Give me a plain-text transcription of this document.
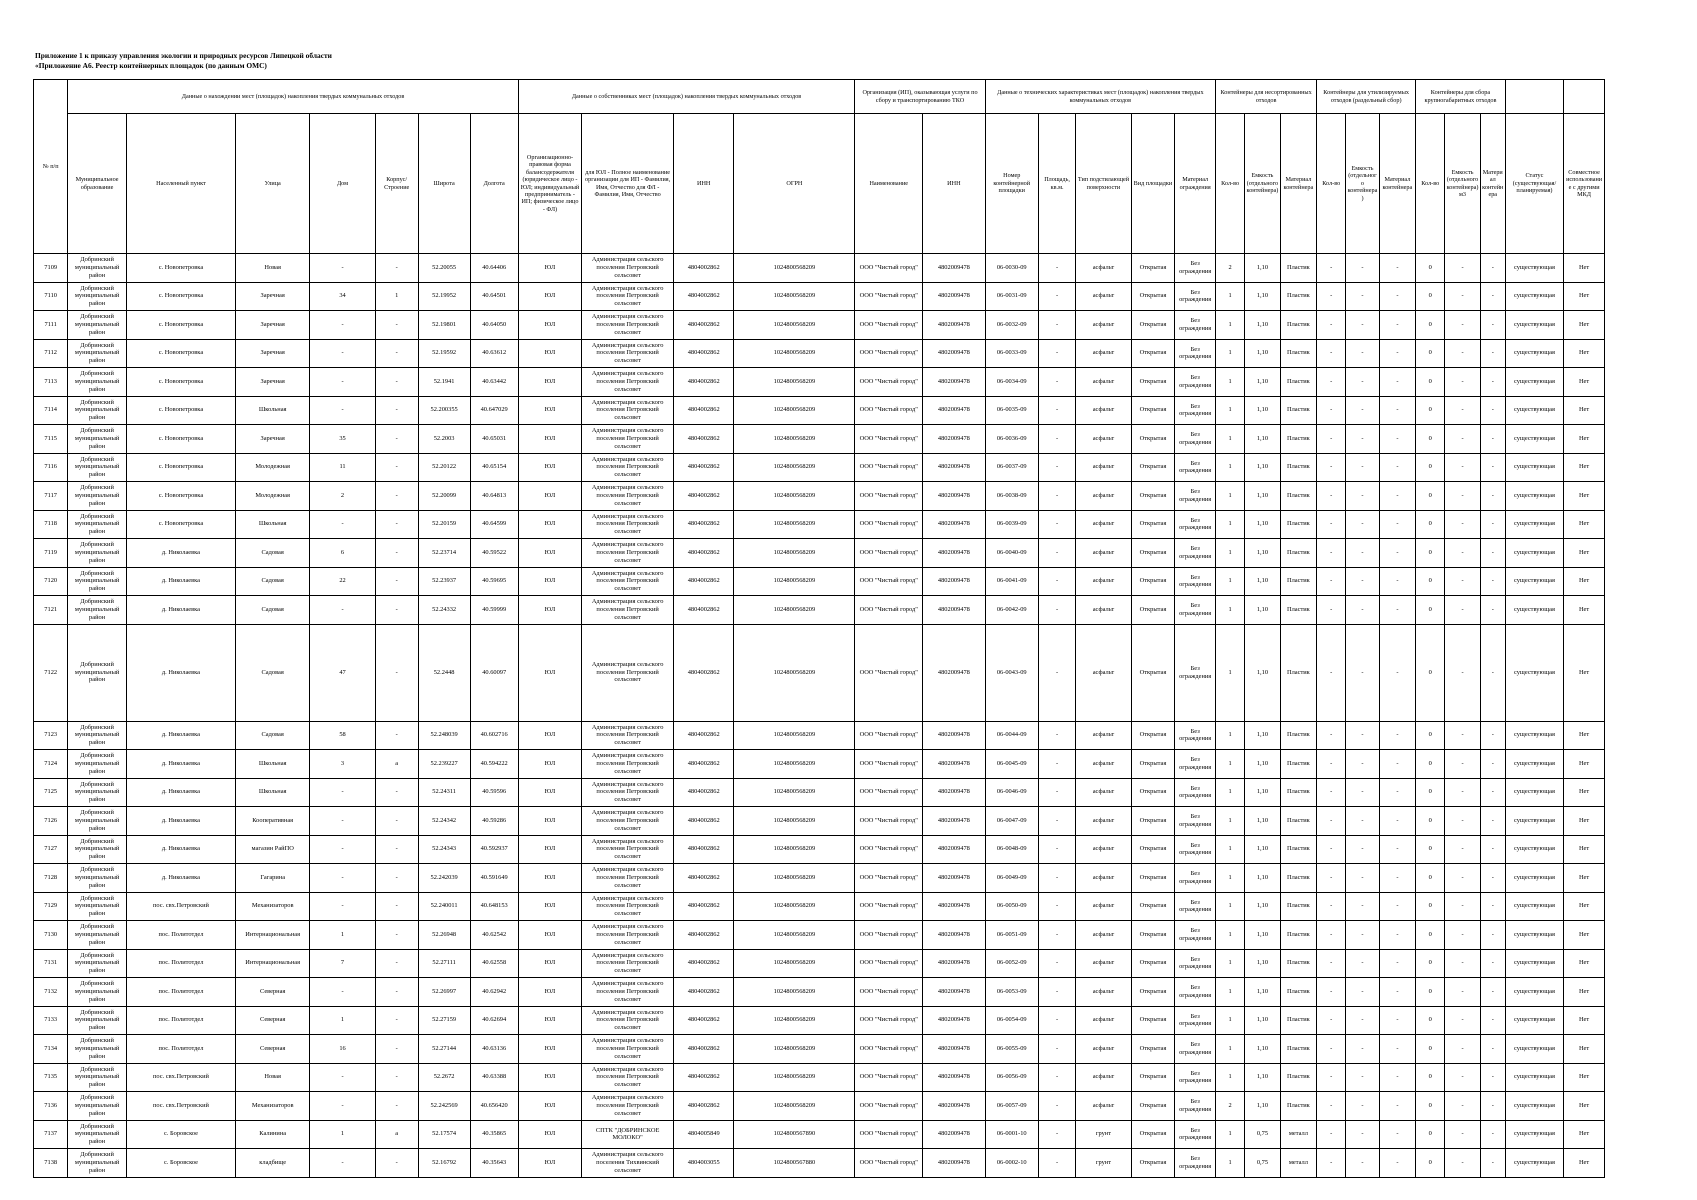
Приложение 1 к приказу управления экологии и природных ресурсов Липецкой области
«Приложение А6. Реестр контейнерных площадок (по данным ОМС)
№ п/п	Данные о нахождении мест (площадок) накопления твердых коммунальных отходов							Данные о собственниках мест (площадок) накопления твердых коммунальных отходов				Организация (ИП), оказывающая услуги по сбору и транспортированию ТКО		Данные о технических характеристиках мест (площадок) накопления твердых коммунальных отходов					Контейнеры для несортированных отходов			Контейнеры для утилизируемых отходов (раздельный сбор)			Контейнеры для сбора крупногабаритных отходов				
	Муниципальное образование	Населенный пункт	Улица	Дом	Корпус/Строение	Широта	Долгота	Организационно-правовая форма балансодержателя (юридическое лицо - ЮЛ; индивидуальный предприниматель - ИП; физическое лицо - ФЛ)	для ЮЛ - Полное наименование организации для ИП - Фамилия, Имя, Отчество для ФЛ - Фамилия, Имя, Отчество	ИНН	ОГРН	Наименование	ИНН	Номер контейнерной площадки	Площадь, кв.м.	Тип подстилающей поверхности	Вид площадки	Материал ограждения	Кол-во	Емкость (отдельного контейнера)	Материал контейнера	Кол-во	Емкость (отдельного контейнера)	Материал контейнера	Кол-во	Емкость (отдельного контейнера) м3	Материал контейнера	Статус (существующая/ планируемая)	Совместное использование с другими МКД
7109	Добринский муниципальный район	с. Новопетровка	Новая	-	-	52.20055	40.64406	ЮЛ	Администрация сельского поселения Петровский сельсовет	4804002862	1024800568209	ООО "Чистый город"	4802009478	06-0030-09	-	асфальт	Открытая	Без ограждения	2	1,10	Пластик	-	-	-	0	-	-	существующая	Нет
7110	Добринский муниципальный район	с. Новопетровка	Заречная	34	1	52.19952	40.64501	ЮЛ	Администрация сельского поселения Петровский сельсовет	4804002862	1024800568209	ООО "Чистый город"	4802009478	06-0031-09	-	асфальт	Открытая	Без ограждения	1	1,10	Пластик	-	-	-	0	-	-	существующая	Нет
7111	Добринский муниципальный район	с. Новопетровка	Заречная	-	-	52.19801	40.64050	ЮЛ	Администрация сельского поселения Петровский сельсовет	4804002862	1024800568209	ООО "Чистый город"	4802009478	06-0032-09	-	асфальт	Открытая	Без ограждения	1	1,10	Пластик	-	-	-	0	-	-	существующая	Нет
7112	Добринский муниципальный район	с. Новопетровка	Заречная	-	-	52.19592	40.63612	ЮЛ	Администрация сельского поселения Петровский сельсовет	4804002862	1024800568209	ООО "Чистый город"	4802009478	06-0033-09	-	асфальт	Открытая	Без ограждения	1	1,10	Пластик	-	-	-	0	-	-	существующая	Нет
7113	Добринский муниципальный район	с. Новопетровка	Заречная	-	-	52.1941	40.63442	ЮЛ	Администрация сельского поселения Петровский сельсовет	4804002862	1024800568209	ООО "Чистый город"	4802009478	06-0034-09	-	асфальт	Открытая	Без ограждения	1	1,10	Пластик	-	-	-	0	-	-	существующая	Нет
7114	Добринский муниципальный район	с. Новопетровка	Школьная	-	-	52.200355	40.647029	ЮЛ	Администрация сельского поселения Петровский сельсовет	4804002862	1024800568209	ООО "Чистый город"	4802009478	06-0035-09	-	асфальт	Открытая	Без ограждения	1	1,10	Пластик	-	-	-	0	-	-	существующая	Нет
7115	Добринский муниципальный район	с. Новопетровка	Заречная	35	-	52.2003	40.65031	ЮЛ	Администрация сельского поселения Петровский сельсовет	4804002862	1024800568209	ООО "Чистый город"	4802009478	06-0036-09	-	асфальт	Открытая	Без ограждения	1	1,10	Пластик	-	-	-	0	-	-	существующая	Нет
7116	Добринский муниципальный район	с. Новопетровка	Молодежная	11	-	52.20122	40.65154	ЮЛ	Администрация сельского поселения Петровский сельсовет	4804002862	1024800568209	ООО "Чистый город"	4802009478	06-0037-09	-	асфальт	Открытая	Без ограждения	1	1,10	Пластик	-	-	-	0	-	-	существующая	Нет
7117	Добринский муниципальный район	с. Новопетровка	Молодежная	2	-	52.20099	40.64813	ЮЛ	Администрация сельского поселения Петровский сельсовет	4804002862	1024800568209	ООО "Чистый город"	4802009478	06-0038-09	-	асфальт	Открытая	Без ограждения	1	1,10	Пластик	-	-	-	0	-	-	существующая	Нет
7118	Добринский муниципальный район	с. Новопетровка	Школьная	-	-	52.20159	40.64599	ЮЛ	Администрация сельского поселения Петровский сельсовет	4804002862	1024800568209	ООО "Чистый город"	4802009478	06-0039-09	-	асфальт	Открытая	Без ограждения	1	1,10	Пластик	-	-	-	0	-	-	существующая	Нет
7119	Добринский муниципальный район	д. Николаевка	Садовая	6	-	52.23714	40.59522	ЮЛ	Администрация сельского поселения Петровский сельсовет	4804002862	1024800568209	ООО "Чистый город"	4802009478	06-0040-09	-	асфальт	Открытая	Без ограждения	1	1,10	Пластик	-	-	-	0	-	-	существующая	Нет
7120	Добринский муниципальный район	д. Николаевка	Садовая	22	-	52.23937	40.59695	ЮЛ	Администрация сельского поселения Петровский сельсовет	4804002862	1024800568209	ООО "Чистый город"	4802009478	06-0041-09	-	асфальт	Открытая	Без ограждения	1	1,10	Пластик	-	-	-	0	-	-	существующая	Нет
7121	Добринский муниципальный район	д. Николаевка	Садовая	-	-	52.24332	40.59999	ЮЛ	Администрация сельского поселения Петровский сельсовет	4804002862	1024800568209	ООО "Чистый город"	4802009478	06-0042-09	-	асфальт	Открытая	Без ограждения	1	1,10	Пластик	-	-	-	0	-	-	существующая	Нет
7122	Добринский муниципальный район	д. Николаевка	Садовая	47	-	52.2448	40.60097	ЮЛ	Администрация сельского поселения Петровский сельсовет	4804002862	1024800568209	ООО "Чистый город"	4802009478	06-0043-09	-	асфальт	Открытая	Без ограждения	1	1,10	Пластик	-	-	-	0	-	-	существующая	Нет
7123	Добринский муниципальный район	д. Николаевка	Садовая	58	-	52.248039	40.602716	ЮЛ	Администрация сельского поселения Петровский сельсовет	4804002862	1024800568209	ООО "Чистый город"	4802009478	06-0044-09	-	асфальт	Открытая	Без ограждения	1	1,10	Пластик	-	-	-	0	-	-	существующая	Нет
7124	Добринский муниципальный район	д. Николаевка	Школьная	3	а	52.239227	40.594222	ЮЛ	Администрация сельского поселения Петровский сельсовет	4804002862	1024800568209	ООО "Чистый город"	4802009478	06-0045-09	-	асфальт	Открытая	Без ограждения	1	1,10	Пластик	-	-	-	0	-	-	существующая	Нет
7125	Добринский муниципальный район	д. Николаевка	Школьная	-	-	52.24311	40.59596	ЮЛ	Администрация сельского поселения Петровский сельсовет	4804002862	1024800568209	ООО "Чистый город"	4802009478	06-0046-09	-	асфальт	Открытая	Без ограждения	1	1,10	Пластик	-	-	-	0	-	-	существующая	Нет
7126	Добринский муниципальный район	д. Николаевка	Кооперативная	-	-	52.24342	40.59286	ЮЛ	Администрация сельского поселения Петровский сельсовет	4804002862	1024800568209	ООО "Чистый город"	4802009478	06-0047-09	-	асфальт	Открытая	Без ограждения	1	1,10	Пластик	-	-	-	0	-	-	существующая	Нет
7127	Добринский муниципальный район	д. Николаевка	магазин РайПО	-	-	52.24343	40.592937	ЮЛ	Администрация сельского поселения Петровский сельсовет	4804002862	1024800568209	ООО "Чистый город"	4802009478	06-0048-09	-	асфальт	Открытая	Без ограждения	1	1,10	Пластик	-	-	-	0	-	-	существующая	Нет
7128	Добринский муниципальный район	д. Николаевка	Гагарина	-	-	52.242039	40.591649	ЮЛ	Администрация сельского поселения Петровский сельсовет	4804002862	1024800568209	ООО "Чистый город"	4802009478	06-0049-09	-	асфальт	Открытая	Без ограждения	1	1,10	Пластик	-	-	-	0	-	-	существующая	Нет
7129	Добринский муниципальный район	пос. свх.Петровский	Механизаторов	-	-	52.240011	40.648153	ЮЛ	Администрация сельского поселения Петровский сельсовет	4804002862	1024800568209	ООО "Чистый город"	4802009478	06-0050-09	-	асфальт	Открытая	Без ограждения	1	1,10	Пластик	-	-	-	0	-	-	существующая	Нет
7130	Добринский муниципальный район	пос. Политотдел	Интернациональная	1	-	52.26948	40.62542	ЮЛ	Администрация сельского поселения Петровский сельсовет	4804002862	1024800568209	ООО "Чистый город"	4802009478	06-0051-09	-	асфальт	Открытая	Без ограждения	1	1,10	Пластик	-	-	-	0	-	-	существующая	Нет
7131	Добринский муниципальный район	пос. Политотдел	Интернациональная	7	-	52.27111	40.62558	ЮЛ	Администрация сельского поселения Петровский сельсовет	4804002862	1024800568209	ООО "Чистый город"	4802009478	06-0052-09	-	асфальт	Открытая	Без ограждения	1	1,10	Пластик	-	-	-	0	-	-	существующая	Нет
7132	Добринский муниципальный район	пос. Политотдел	Северная	-	-	52.26997	40.62942	ЮЛ	Администрация сельского поселения Петровский сельсовет	4804002862	1024800568209	ООО "Чистый город"	4802009478	06-0053-09	-	асфальт	Открытая	Без ограждения	1	1,10	Пластик	-	-	-	0	-	-	существующая	Нет
7133	Добринский муниципальный район	пос. Политотдел	Северная	1	-	52.27159	40.62694	ЮЛ	Администрация сельского поселения Петровский сельсовет	4804002862	1024800568209	ООО "Чистый город"	4802009478	06-0054-09	-	асфальт	Открытая	Без ограждения	1	1,10	Пластик	-	-	-	0	-	-	существующая	Нет
7134	Добринский муниципальный район	пос. Политотдел	Северная	16	-	52.27144	40.63136	ЮЛ	Администрация сельского поселения Петровский сельсовет	4804002862	1024800568209	ООО "Чистый город"	4802009478	06-0055-09	-	асфальт	Открытая	Без ограждения	1	1,10	Пластик	-	-	-	0	-	-	существующая	Нет
7135	Добринский муниципальный район	пос. свх.Петровский	Новая	-	-	52.2672	40.63388	ЮЛ	Администрация сельского поселения Петровский сельсовет	4804002862	1024800568209	ООО "Чистый город"	4802009478	06-0056-09	-	асфальт	Открытая	Без ограждения	1	1,10	Пластик	-	-	-	0	-	-	существующая	Нет
7136	Добринский муниципальный район	пос. свх.Петровский	Механизаторов	-	-	52.242569	40.656420	ЮЛ	Администрация сельского поселения Петровский сельсовет	4804002862	1024800568209	ООО "Чистый город"	4802009478	06-0057-09	-	асфальт	Открытая	Без ограждения	2	1,10	Пластик	-	-	-	0	-	-	существующая	Нет
7137	Добринский муниципальный район	с. Боровское	Калинина	1	а	52.17574	40.35865	ЮЛ	СПТК "ДОБРИНСКОЕ МОЛОКО"	4804005849	1024800567890	ООО "Чистый город"	4802009478	06-0001-10	-	грунт	Открытая	Без ограждения	1	0,75	металл	-	-	-	0	-	-	существующая	Нет
7138	Добринский муниципальный район	с. Боровское	кладбище	-	-	52.16792	40.35643	ЮЛ	Администрация сельского поселения Тихвинский сельсовет	4804003055	1024800567880	ООО "Чистый город"	4802009478	06-0002-10	-	грунт	Открытая	Без ограждения	1	0,75	металл	-	-	-	0	-	-	существующая	Нет
